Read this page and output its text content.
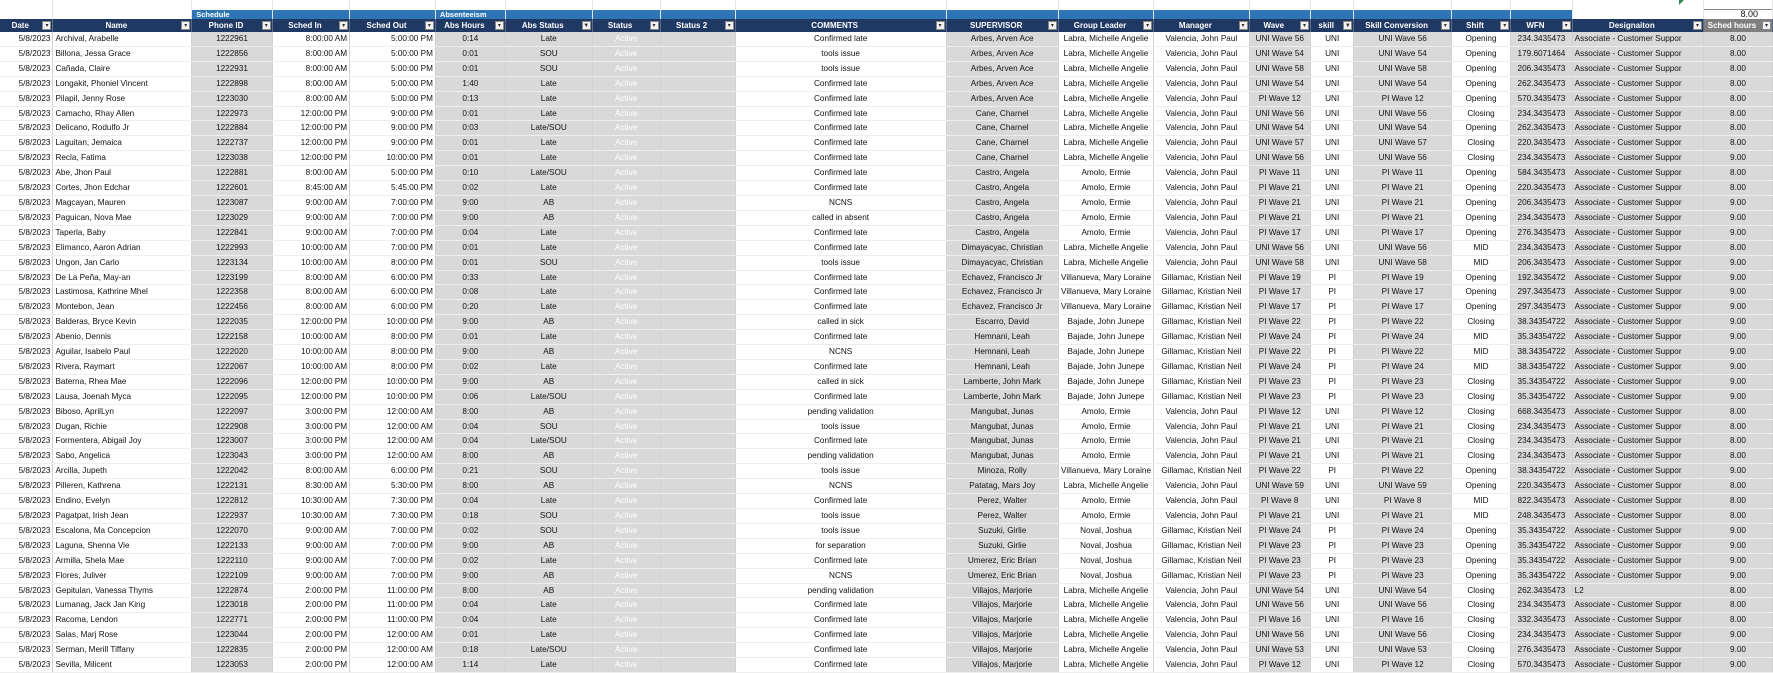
		Schedule			Absenteeism														8.00
Date ▾	Name ▾	Phone ID ▾	Sched In ▾	Sched Out ▾	Abs Hours ▾	Abs Status ▼	Status ▾	Status 2 ▾	COMMENTS ▾	SUPERVISOR ▾	Group Leader ▾	Manager ▾	Wave ▾	skill ▼	Skill Conversion ▾	Shift ▾	WFN ▾	Designaiton ▾	Sched hours ▾

5/8/2023	Archival, Arabelle	1222961	8:00:00 AM	5:00:00 PM	0:14	Late	Active		Confirmed late	Arbes, Arven Ace	Labra, Michelle Angelie	Valencia, John Paul	UNI Wave 56	UNI	UNI Wave 56	Opening	234.3435473	Associate - Customer Suppor	8.00
5/8/2023	Billona, Jessa Grace	1222856	8:00:00 AM	5:00:00 PM	0:01	SOU	Active		tools issue	Arbes, Arven Ace	Labra, Michelle Angelie	Valencia, John Paul	UNI Wave 54	UNI	UNI Wave 54	Opening	179.6071464	Associate - Customer Suppor	8.00
5/8/2023	Cañada, Claire	1222931	8:00:00 AM	5:00:00 PM	0:01	SOU	Active		tools issue	Arbes, Arven Ace	Labra, Michelle Angelie	Valencia, John Paul	UNI Wave 58	UNI	UNI Wave 58	Opening	206.3435473	Associate - Customer Suppor	8.00
5/8/2023	Longakit, Phoniel Vincent	1222898	8:00:00 AM	5:00:00 PM	1:40	Late	Active		Confirmed late	Arbes, Arven Ace	Labra, Michelle Angelie	Valencia, John Paul	UNI Wave 54	UNI	UNI Wave 54	Opening	262.3435473	Associate - Customer Suppor	8.00
5/8/2023	Pilapil, Jenny Rose	1223030	8:00:00 AM	5:00:00 PM	0:13	Late	Active		Confirmed late	Arbes, Arven Ace	Labra, Michelle Angelie	Valencia, John Paul	PI Wave 12	UNI	PI Wave 12	Opening	570.3435473	Associate - Customer Suppor	8.00
5/8/2023	Camacho, Rhay Allen	1222973	12:00:00 PM	9:00:00 PM	0:01	Late	Active		Confirmed late	Cane, Charnel	Labra, Michelle Angelie	Valencia, John Paul	UNI Wave 56	UNI	UNI Wave 56	Closing	234.3435473	Associate - Customer Suppor	8.00
5/8/2023	Delicano, Rodulfo Jr	1222884	12:00:00 PM	9:00:00 PM	0:03	Late/SOU	Active		Confirmed late	Cane, Charnel	Labra, Michelle Angelie	Valencia, John Paul	UNI Wave 54	UNI	UNI Wave 54	Opening	262.3435473	Associate - Customer Suppor	8.00
5/8/2023	Laguitan, Jemaica	1222737	12:00:00 PM	9:00:00 PM	0:01	Late	Active		Confirmed late	Cane, Charnel	Labra, Michelle Angelie	Valencia, John Paul	UNI Wave 57	UNI	UNI Wave 57	Closing	220.3435473	Associate - Customer Suppor	8.00
5/8/2023	Recla, Fatima	1223038	12:00:00 PM	10:00:00 PM	0:01	Late	Active		Confirmed late	Cane, Charnel	Labra, Michelle Angelie	Valencia, John Paul	UNI Wave 56	UNI	UNI Wave 56	Closing	234.3435473	Associate - Customer Suppor	9.00
5/8/2023	Abe, Jhon Paul	1222881	8:00:00 AM	5:00:00 PM	0:10	Late/SOU	Active		Confirmed late	Castro, Angela	Amolo, Ermie	Valencia, John Paul	PI Wave 11	UNI	PI Wave 11	Opening	584.3435473	Associate - Customer Suppor	8.00
5/8/2023	Cortes, Jhon Edchar	1222601	8:45:00 AM	5:45:00 PM	0:02	Late	Active		Confirmed late	Castro, Angela	Amolo, Ermie	Valencia, John Paul	PI Wave 21	UNI	PI Wave 21	Opening	220.3435473	Associate - Customer Suppor	8.00
5/8/2023	Magcayan, Mauren	1223087	9:00:00 AM	7:00:00 PM	9:00	AB	Active		NCNS	Castro, Angela	Amolo, Ermie	Valencia, John Paul	PI Wave 21	UNI	PI Wave 21	Opening	206.3435473	Associate - Customer Suppor	9.00
5/8/2023	Paguican, Nova Mae	1223029	9:00:00 AM	7:00:00 PM	9:00	AB	Active		called in absent	Castro, Angela	Amolo, Ermie	Valencia, John Paul	PI Wave 21	UNI	PI Wave 21	Opening	234.3435473	Associate - Customer Suppor	9.00
5/8/2023	Taperla, Baby	1222841	9:00:00 AM	7:00:00 PM	0:04	Late	Active		Confirmed late	Castro, Angela	Amolo, Ermie	Valencia, John Paul	PI Wave 17	UNI	PI Wave 17	Opening	276.3435473	Associate - Customer Suppor	9.00
5/8/2023	Elimanco, Aaron Adrian	1222993	10:00:00 AM	7:00:00 PM	0:01	Late	Active		Confirmed late	Dimayacyac, Christian	Labra, Michelle Angelie	Valencia, John Paul	UNI Wave 56	UNI	UNI Wave 56	MID	234.3435473	Associate - Customer Suppor	8.00
5/8/2023	Ungon, Jan Carlo	1223134	10:00:00 AM	8:00:00 PM	0:01	SOU	Active		tools issue	Dimayacyac, Christian	Labra, Michelle Angelie	Valencia, John Paul	UNI Wave 58	UNI	UNI Wave 58	MID	206.3435473	Associate - Customer Suppor	9.00
5/8/2023	De La Peña, May-an	1223199	8:00:00 AM	6:00:00 PM	0:33	Late	Active		Confirmed late	Echavez, Francisco Jr	Villanueva, Mary Loraine	Gillamac, Kristian Neil	PI Wave 19	PI	PI Wave 19	Opening	192.3435472	Associate - Customer Suppor	9.00
5/8/2023	Lastimosa, Kathrine Mhel	1222358	8:00:00 AM	6:00:00 PM	0:08	Late	Active		Confirmed late	Echavez, Francisco Jr	Villanueva, Mary Loraine	Gillamac, Kristian Neil	PI Wave 17	PI	PI Wave 17	Opening	297.3435473	Associate - Customer Suppor	9.00
5/8/2023	Montebon, Jean	1222456	8:00:00 AM	6:00:00 PM	0:20	Late	Active		Confirmed late	Echavez, Francisco Jr	Villanueva, Mary Loraine	Gillamac, Kristian Neil	PI Wave 17	PI	PI Wave 17	Opening	297.3435473	Associate - Customer Suppor	9.00
5/8/2023	Balderas, Bryce Kevin	1222035	12:00:00 PM	10:00:00 PM	9:00	AB	Active		called in sick	Escarro, David	Bajade, John Junepe	Gillamac, Kristian Neil	PI Wave 22	PI	PI Wave 22	Closing	38.34354722	Associate - Customer Suppor	9.00
5/8/2023	Abenio, Dennis	1222158	10:00:00 AM	8:00:00 PM	0:01	Late	Active		Confirmed late	Hemnani, Leah	Bajade, John Junepe	Gillamac, Kristian Neil	PI Wave 24	PI	PI Wave 24	MID	35.34354722	Associate - Customer Suppor	9.00
5/8/2023	Aguilar, Isabelo Paul	1222020	10:00:00 AM	8:00:00 PM	9:00	AB	Active		NCNS	Hemnani, Leah	Bajade, John Junepe	Gillamac, Kristian Neil	PI Wave 22	PI	PI Wave 22	MID	38.34354722	Associate - Customer Suppor	9.00
5/8/2023	Rivera, Raymart	1222067	10:00:00 AM	8:00:00 PM	0:02	Late	Active		Confirmed late	Hemnani, Leah	Bajade, John Junepe	Gillamac, Kristian Neil	PI Wave 24	PI	PI Wave 24	MID	38.34354722	Associate - Customer Suppor	9.00
5/8/2023	Baterna, Rhea Mae	1222096	12:00:00 PM	10:00:00 PM	9:00	AB	Active		called in sick	Lamberte, John Mark	Bajade, John Junepe	Gillamac, Kristian Neil	PI Wave 23	PI	PI Wave 23	Closing	35.34354722	Associate - Customer Suppor	9.00
5/8/2023	Lausa, Joenah Myca	1222095	12:00:00 PM	10:00:00 PM	0:06	Late/SOU	Active		Confirmed late	Lamberte, John Mark	Bajade, John Junepe	Gillamac, Kristian Neil	PI Wave 23	PI	PI Wave 23	Closing	35.34354722	Associate - Customer Suppor	9.00
5/8/2023	Biboso, AprilLyn	1222097	3:00:00 PM	12:00:00 AM	8:00	AB	Active		pending validation	Mangubat, Junas	Amolo, Ermie	Valencia, John Paul	PI Wave 12	UNI	PI Wave 12	Closing	668.3435473	Associate - Customer Suppor	8.00
5/8/2023	Dugan, Richie	1222908	3:00:00 PM	12:00:00 AM	0:04	SOU	Active		tools issue	Mangubat, Junas	Amolo, Ermie	Valencia, John Paul	PI Wave 21	UNI	PI Wave 21	Closing	234.3435473	Associate - Customer Suppor	8.00
5/8/2023	Formentera, Abigail Joy	1223007	3:00:00 PM	12:00:00 AM	0:04	Late/SOU	Active		Confirmed late	Mangubat, Junas	Amolo, Ermie	Valencia, John Paul	PI Wave 21	UNI	PI Wave 21	Closing	234.3435473	Associate - Customer Suppor	8.00
5/8/2023	Sabo, Angelica	1223043	3:00:00 PM	12:00:00 AM	8:00	AB	Active		pending validation	Mangubat, Junas	Amolo, Ermie	Valencia, John Paul	PI Wave 21	UNI	PI Wave 21	Closing	234.3435473	Associate - Customer Suppor	8.00
5/8/2023	Arcilla, Jupeth	1222042	8:00:00 AM	6:00:00 PM	0:21	SOU	Active		tools issue	Minoza, Rolly	Villanueva, Mary Loraine	Gillamac, Kristian Neil	PI Wave 22	PI	PI Wave 22	Opening	38.34354722	Associate - Customer Suppor	9.00
5/8/2023	Pilleren, Kathrena	1222131	8:30:00 AM	5:30:00 PM	8:00	AB	Active		NCNS	Patatag, Mars Joy	Labra, Michelle Angelie	Valencia, John Paul	UNI Wave 59	UNI	UNI Wave 59	Opening	220.3435473	Associate - Customer Suppor	8.00
5/8/2023	Endino, Evelyn	1222812	10:30:00 AM	7:30:00 PM	0:04	Late	Active		Confirmed late	Perez, Walter	Amolo, Ermie	Valencia, John Paul	PI Wave 8	UNI	PI Wave 8	MID	822.3435473	Associate - Customer Suppor	8.00
5/8/2023	Pagatpat, Irish Jean	1222937	10:30:00 AM	7:30:00 PM	0:18	SOU	Active		tools issue	Perez, Walter	Amolo, Ermie	Valencia, John Paul	PI Wave 21	UNI	PI Wave 21	MID	248.3435473	Associate - Customer Suppor	8.00
5/8/2023	Escalona, Ma Concepcion	1222070	9:00:00 AM	7:00:00 PM	0:02	SOU	Active		tools issue	Suzuki, Girlie	Noval, Joshua	Gillamac, Kristian Neil	PI Wave 24	PI	PI Wave 24	Opening	35.34354722	Associate - Customer Suppor	9.00
5/8/2023	Laguna, Shenna Vie	1222133	9:00:00 AM	7:00:00 PM	9:00	AB	Active		for separation	Suzuki, Girlie	Noval, Joshua	Gillamac, Kristian Neil	PI Wave 23	PI	PI Wave 23	Opening	35.34354722	Associate - Customer Suppor	9.00
5/8/2023	Armilla, Shela Mae	1222110	9:00:00 AM	7:00:00 PM	0:02	Late	Active		Confirmed late	Umerez, Eric Brian	Noval, Joshua	Gillamac, Kristian Neil	PI Wave 23	PI	PI Wave 23	Opening	35.34354722	Associate - Customer Suppor	9.00
5/8/2023	Flores, Juliver	1222109	9:00:00 AM	7:00:00 PM	9:00	AB	Active		NCNS	Umerez, Eric Brian	Noval, Joshua	Gillamac, Kristian Neil	PI Wave 23	PI	PI Wave 23	Opening	35.34354722	Associate - Customer Suppor	9.00
5/8/2023	Gepitulan, Vanessa Thyms	1222874	2:00:00 PM	11:00:00 PM	8:00	AB	Active		pending validation	Villajos, Marjorie	Labra, Michelle Angelie	Valencia, John Paul	UNI Wave 54	UNI	UNI Wave 54	Closing	262.3435473	L2	8.00
5/8/2023	Lumanag, Jack Jan King	1223018	2:00:00 PM	11:00:00 PM	0:04	Late	Active		Confirmed late	Villajos, Marjorie	Labra, Michelle Angelie	Valencia, John Paul	UNI Wave 56	UNI	UNI Wave 56	Closing	234.3435473	Associate - Customer Suppor	8.00
5/8/2023	Racoma, Lendon	1222771	2:00:00 PM	11:00:00 PM	0:04	Late	Active		Confirmed late	Villajos, Marjorie	Labra, Michelle Angelie	Valencia, John Paul	PI Wave 16	UNI	PI Wave 16	Closing	332.3435473	Associate - Customer Suppor	8.00
5/8/2023	Salas, Marj Rose	1223044	2:00:00 PM	12:00:00 AM	0:01	Late	Active		Confirmed late	Villajos, Marjorie	Labra, Michelle Angelie	Valencia, John Paul	UNI Wave 56	UNI	UNI Wave 56	Closing	234.3435473	Associate - Customer Suppor	9.00
5/8/2023	Serman, Merill Tiffany	1222835	2:00:00 PM	12:00:00 AM	0:18	Late/SOU	Active		Confirmed late	Villajos, Marjorie	Labra, Michelle Angelie	Valencia, John Paul	UNI Wave 53	UNI	UNI Wave 53	Closing	276.3435473	Associate - Customer Suppor	9.00
5/8/2023	Sevilla, Milicent	1223053	2:00:00 PM	12:00:00 AM	1:14	Late	Active		Confirmed late	Villajos, Marjorie	Labra, Michelle Angelie	Valencia, John Paul	PI Wave 12	UNI	PI Wave 12	Closing	570.3435473	Associate - Customer Suppor	9.00
